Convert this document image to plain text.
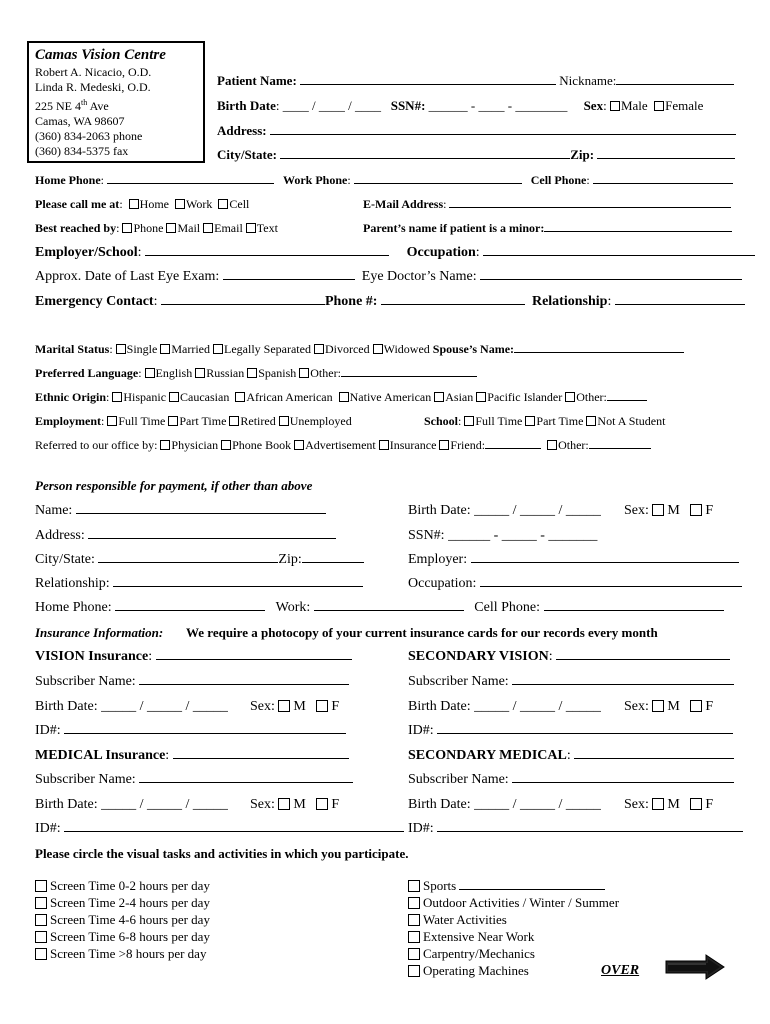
Camas Vision Centre
Robert A. Nicacio, O.D.
Linda R. Medeski, O.D.
225 NE 4th Ave
Camas, WA 98607
(360) 834-2063 phone
(360) 834-5375 fax
Patient Name:	Nickname:
Birth Date: ____ / ____ / ____ SSN#: ______ - ____ - ________ Sex: Male Female
Address:
City/State:	Zip:
Home Phone:	Work Phone:	Cell Phone:
Please call me at:  Home Work Cell	E-Mail Address:
Best reached by: Phone Mail Email Text	Parent’s name if patient is a minor:
Employer/School:	Occupation:
Approx. Date of Last Eye Exam:	Eye Doctor’s Name:
Emergency Contact:	Phone #:	Relationship:
Marital Status: Single Married Legally Separated Divorced Widowed Spouse’s Name:
Preferred Language: English Russian Spanish Other:
Ethnic Origin: Hispanic Caucasian African American Native American Asian Pacific Islander Other:
Employment: Full Time Part Time Retired Unemployed	School: Full Time Part Time Not A Student
Referred to our office by: Physician Phone Book Advertisement Insurance Friend:	Other:
Person responsible for payment, if other than above
Name:	Birth Date: _____ / _____ / _____ Sex: M F
Address:	SSN#: ______ - _____ - _______
City/State:	Zip:	Employer:
Relationship:	Occupation:
Home Phone:	Work:	Cell Phone:
Insurance Information: We require a photocopy of your current insurance cards for our records every month
VISION Insurance:	SECONDARY VISION:
Subscriber Name:	Subscriber Name:
Birth Date: _____ / _____ / _____ Sex: M F	Birth Date: _____ / _____ / _____ Sex: M F
ID#:	ID#:
MEDICAL Insurance:	SECONDARY MEDICAL:
Subscriber Name:	Subscriber Name:
Birth Date: _____ / _____ / _____ Sex: M F	Birth Date: _____ / _____ / _____ Sex: M F
ID#:	ID#:
Please circle the visual tasks and activities in which you participate.
Screen Time 0-2 hours per day
Screen Time 2-4 hours per day
Screen Time 4-6 hours per day
Screen Time 6-8 hours per day
Screen Time >8 hours per day
Sports
Outdoor Activities / Winter / Summer
Water Activities
Extensive Near Work
Carpentry/Mechanics
Operating Machines	OVER
